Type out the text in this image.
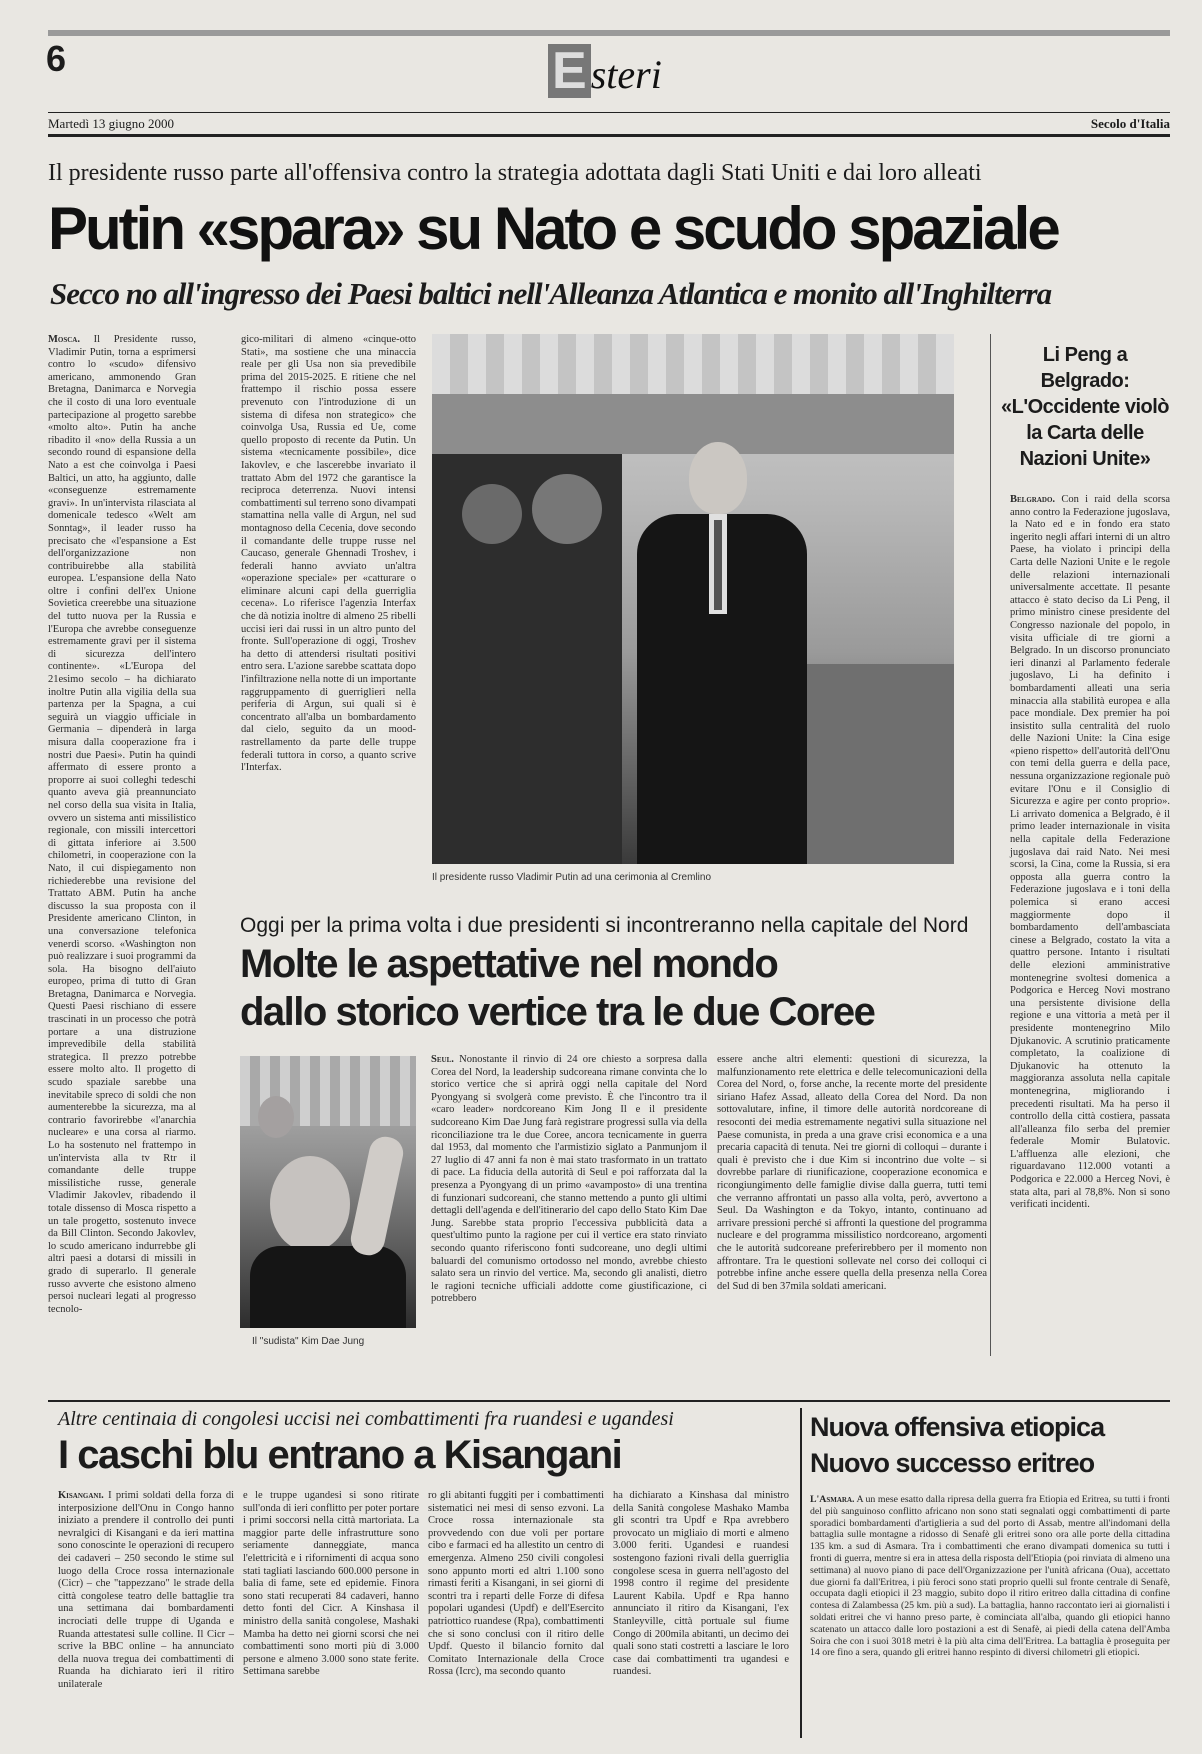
6	E steri
Martedì 13 giugno 2000	Secolo d'Italia
Il presidente russo parte all'offensiva contro la strategia adottata dagli Stati Uniti e dai loro alleati
Putin «spara» su Nato e scudo spaziale
Secco no all'ingresso dei Paesi baltici nell'Alleanza Atlantica e monito all'Inghilterra
Mosca. Il Presidente russo, Vladimir Putin, torna a esprimersi contro lo «scudo» difensivo americano, ammonendo Gran Bretagna, Danimarca e Norvegia che il costo di una loro eventuale partecipazione al progetto sarebbe «molto alto». Putin ha anche ribadito il «no» della Russia a un secondo round di espansione della Nato a est che coinvolga i Paesi Baltici, un atto, ha aggiunto, dalle «conseguenze estremamente gravi». In un'intervista rilasciata al domenicale tedesco «Welt am Sonntag», il leader russo ha precisato che «l'espansione a Est dell'organizzazione non contribuirebbe alla stabilità europea. L'espansione della Nato oltre i confini dell'ex Unione Sovietica creerebbe una situazione del tutto nuova per la Russia e l'Europa che avrebbe conseguenze estremamente gravi per il sistema di sicurezza dell'intero continente». «L'Europa del 21esimo secolo – ha dichiarato inoltre Putin alla vigilia della sua partenza per la Spagna, a cui seguirà un viaggio ufficiale in Germania – dipenderà in larga misura dalla cooperazione fra i nostri due Paesi». Putin ha quindi affermato di essere pronto a proporre ai suoi colleghi tedeschi quanto aveva già preannunciato nel corso della sua visita in Italia, ovvero un sistema anti missilistico regionale, con missili intercettori di gittata inferiore ai 3.500 chilometri, in cooperazione con la Nato, il cui dispiegamento non richiederebbe una revisione del Trattato ABM. Putin ha anche discusso la sua proposta con il Presidente americano Clinton, in una conversazione telefonica venerdì scorso. «Washington non può realizzare i suoi programmi da sola. Ha bisogno dell'aiuto europeo, prima di tutto di Gran Bretagna, Danimarca e Norvegia. Questi Paesi rischiano di essere trascinati in un processo che potrà portare a una distruzione imprevedibile della stabilità strategica. Il prezzo potrebbe essere molto alto. Il progetto di scudo spaziale sarebbe una inevitabile spreco di soldi che non aumenterebbe la sicurezza, ma al contrario favorirebbe «l'anarchia nucleare» e una corsa al riarmo. Lo ha sostenuto nel frattempo in un'intervista alla tv Rtr il comandante delle truppe missilistiche russe, generale Vladimir Jakovlev, ribadendo il totale dissenso di Mosca rispetto a un tale progetto, sostenuto invece da Bill Clinton. Secondo Jakovlev, lo scudo americano indurrebbe gli altri paesi a dotarsi di missili in grado di superarlo. Il generale russo avverte che esistono almeno persoi nucleari legati al progresso tecnolo-
gico-militari di almeno «cinque-otto Stati», ma sostiene che una minaccia reale per gli Usa non sia prevedibile prima del 2015-2025. E ritiene che nel frattempo il rischio possa essere prevenuto con l'introduzione di un sistema di difesa non strategico» che coinvolga Usa, Russia ed Ue, come quello proposto di recente da Putin. Un sistema «tecnicamente possibile», dice Iakovlev, e che lascerebbe invariato il trattato Abm del 1972 che garantisce la reciproca deterrenza. Nuovi intensi combattimenti sul terreno sono divampati stamattina nella valle di Argun, nel sud montagnoso della Cecenia, dove secondo il comandante delle truppe russe nel Caucaso, generale Ghennadi Troshev, i federali hanno avviato un'altra «operazione speciale» per «catturare o eliminare alcuni capi della guerriglia cecena». Lo riferisce l'agenzia Interfax che dà notizia inoltre di almeno 25 ribelli uccisi ieri dai russi in un altro punto del fronte. Sull'operazione di oggi, Troshev ha detto di attendersi risultati positivi entro sera. L'azione sarebbe scattata dopo l'infiltrazione nella notte di un importante raggruppamento di guerriglieri nella periferia di Argun, sui quali si è concentrato all'alba un bombardamento dal cielo, seguito da un mood-rastrellamento da parte delle truppe federali tuttora in corso, a quanto scrive l'Interfax.
Il presidente russo Vladimir Putin ad una cerimonia al Cremlino
Li Peng a Belgrado: «L'Occidente violò la Carta delle Nazioni Unite»
Belgrado. Con i raid della scorsa anno contro la Federazione jugoslava, la Nato ed e in fondo era stato ingerito negli affari interni di un altro Paese, ha violato i principi della Carta delle Nazioni Unite e le regole delle relazioni internazionali universalmente accettate. Il pesante attacco è stato deciso da Li Peng, il primo ministro cinese presidente del Congresso nazionale del popolo, in visita ufficiale di tre giorni a Belgrado. In un discorso pronunciato ieri dinanzi al Parlamento federale jugoslavo, Li ha definito i bombardamenti alleati una seria minaccia alla stabilità europea e alla pace mondiale. Dex premier ha poi insistito sulla centralità del ruolo delle Nazioni Unite: la Cina esige «pieno rispetto» dell'autorità dell'Onu con temi della guerra e della pace, nessuna organizzazione regionale può evitare l'Onu e il Consiglio di Sicurezza e agire per conto proprio». Li arrivato domenica a Belgrado, è il primo leader internazionale in visita nella capitale della Federazione jugoslava dai raid Nato. Nei mesi scorsi, la Cina, come la Russia, si era opposta alla guerra contro la Federazione jugoslava e i toni della polemica si erano accesi maggiormente dopo il bombardamento dell'ambasciata cinese a Belgrado, costato la vita a quattro persone. Intanto i risultati delle elezioni amministrative montenegrine svoltesi domenica a Podgorica e Herceg Novi mostrano una persistente divisione della regione e una vittoria a metà per il presidente montenegrino Milo Djukanovic. A scrutinio praticamente completato, la coalizione di Djukanovic ha ottenuto la maggioranza assoluta nella capitale montenegrina, migliorando i precedenti risultati. Ma ha perso il controllo della città costiera, passata all'alleanza filo serba del premier federale Momir Bulatovic. L'affluenza alle elezioni, che riguardavano 112.000 votanti a Podgorica e 22.000 a Herceg Novi, è stata alta, pari al 78,8%. Non si sono verificati incidenti.
Oggi per la prima volta i due presidenti si incontreranno nella capitale del Nord
Molte le aspettative nel mondo
dallo storico vertice tra le due Coree
Il "sudista" Kim Dae Jung
Seul. Nonostante il rinvio di 24 ore chiesto a sorpresa dalla Corea del Nord, la leadership sudcoreana rimane convinta che lo storico vertice che si aprirà oggi nella capitale del Nord Pyongyang si svolgerà come previsto. È che l'incontro tra il «caro leader» nordcoreano Kim Jong Il e il presidente sudcoreano Kim Dae Jung farà registrare progressi sulla via della riconciliazione tra le due Coree, ancora tecnicamente in guerra dal 1953, dal momento che l'armistizio siglato a Panmunjom il 27 luglio di 47 anni fa non è mai stato trasformato in un trattato di pace. La fiducia della autorità di Seul e poi rafforzata dal la presenza a Pyongyang di un primo «avamposto» di una trentina di funzionari sudcoreani, che stanno mettendo a punto gli ultimi dettagli dell'agenda e dell'itinerario del capo dello Stato Kim Dae Jung. Sarebbe stata proprio l'eccessiva pubblicità data a quest'ultimo punto la ragione per cui il vertice era stato rinviato secondo quanto riferiscono fonti sudcoreane, uno degli ultimi baluardi del comunismo ortodosso nel mondo, avrebbe chiesto salato sera un rinvio del vertice. Ma, secondo gli analisti, dietro le ragioni tecniche ufficiali addotte come giustificazione, ci potrebbero
essere anche altri elementi: questioni di sicurezza, la malfunzionamento rete elettrica e delle telecomunicazioni della Corea del Nord, o, forse anche, la recente morte del presidente siriano Hafez Assad, alleato della Corea del Nord. Da non sottovalutare, infine, il timore delle autorità nordcoreane di resoconti dei media estremamente negativi sulla situazione nel Paese comunista, in preda a una grave crisi economica e a una precaria capacità di tenuta. Nei tre giorni di colloqui – durante i quali è previsto che i due Kim si incontrino due volte – si dovrebbe parlare di riunificazione, cooperazione economica e ricongiungimento delle famiglie divise dalla guerra, tutti temi che verranno affrontati un passo alla volta, però, avvertono a Seul. Da Washington e da Tokyo, intanto, continuano ad arrivare pressioni perché si affronti la questione del programma nucleare e del programma missilistico nordcoreano, argomenti che le autorità sudcoreane preferirebbero per il momento non affrontare. Tra le questioni sollevate nel corso dei colloqui ci potrebbe infine anche essere quella della presenza nella Corea del Sud di ben 37mila soldati americani.
Altre centinaia di congolesi uccisi nei combattimenti fra ruandesi e ugandesi
I caschi blu entrano a Kisangani
Kisangani. I primi soldati della forza di interposizione dell'Onu in Congo hanno iniziato a prendere il controllo dei punti nevralgici di Kisangani e da ieri mattina sono conoscinte le operazioni di recupero dei cadaveri – 250 secondo le stime sul luogo della Croce rossa internazionale (Cicr) – che "tappezzano" le strade della città congolese teatro delle battaglie tra una settimana dai bombardamenti incrociati delle truppe di Uganda e Ruanda attestatesi sulle colline. Il Cicr – scrive la BBC online – ha annunciato della nuova tregua dei combattimenti di Ruanda ha dichiarato ieri il ritiro unilaterale
e le truppe ugandesi si sono ritirate sull'onda di ieri conflitto per poter portare i primi soccorsi nella città martoriata. La maggior parte delle infrastrutture sono seriamente danneggiate, manca l'elettricità e i rifornimenti di acqua sono stati tagliati lasciando 600.000 persone in balia di fame, sete ed epidemie. Finora sono stati recuperati 84 cadaveri, hanno detto fonti del Cicr. A Kinshasa il ministro della sanità congolese, Mashaki Mamba ha detto nei giorni scorsi che nei combattimenti sono morti più di 3.000 persone e almeno 3.000 sono state ferite. Settimana sarebbe
ro gli abitanti fuggiti per i combattimenti sistematici nei mesi di senso ezvoni. La Croce rossa internazionale sta provvedendo con due voli per portare cibo e farmaci ed ha allestito un centro di emergenza. Almeno 250 civili congolesi sono appunto morti ed altri 1.100 sono rimasti feriti a Kisangani, in sei giorni di scontri tra i reparti delle Forze di difesa popolari ugandesi (Updf) e dell'Esercito patriottico ruandese (Rpa), combattimenti che si sono conclusi con il ritiro delle Updf. Questo il bilancio fornito dal Comitato Internazionale della Croce Rossa (Icrc), ma secondo quanto
ha dichiarato a Kinshasa dal ministro della Sanità congolese Mashako Mamba gli scontri tra Updf e Rpa avrebbero provocato un migliaio di morti e almeno 3.000 feriti. Ugandesi e ruandesi sostengono fazioni rivali della guerriglia congolese scesa in guerra nell'agosto del 1998 contro il regime del presidente Laurent Kabila. Updf e Rpa hanno annunciato il ritiro da Kisangani, l'ex Stanleyville, città portuale sul fiume Congo di 200mila abitanti, un decimo dei quali sono stati costretti a lasciare le loro case dai combattimenti tra ugandesi e ruandesi.
Nuova offensiva etiopica
Nuovo successo eritreo
L'Asmara. A un mese esatto dalla ripresa della guerra fra Etiopia ed Eritrea, su tutti i fronti del più sanguinoso conflitto africano non sono stati segnalati oggi combattimenti di parte sporadici bombardamenti d'artiglieria a sud del porto di Assab, mentre all'indomani della battaglia sulle montagne a ridosso di Senafè gli eritrei sono ora alle porte della cittadina 135 km. a sud di Asmara. Tra i combattimenti che erano divampati domenica su tutti i fronti di guerra, mentre si era in attesa della risposta dell'Etiopia (poi rinviata di almeno una settimana) al nuovo piano di pace dell'Organizzazione per l'unità africana (Oua), accettato due giorni fa dall'Eritrea, i più feroci sono stati proprio quelli sul fronte centrale di Senafè, occupata dagli etiopici il 23 maggio, subito dopo il ritiro eritreo dalla cittadina di confine contesa di Zalambessa (25 km. più a sud). La battaglia, hanno raccontato ieri ai giornalisti i soldati eritrei che vi hanno preso parte, è cominciata all'alba, quando gli etiopici hanno scatenato un attacco dalle loro postazioni a est di Senafè, ai piedi della catena dell'Amba Soira che con i suoi 3018 metri è la più alta cima dell'Eritrea. La battaglia è proseguita per 14 ore fino a sera, quando gli eritrei hanno respinto di diversi chilometri gli etiopici.
